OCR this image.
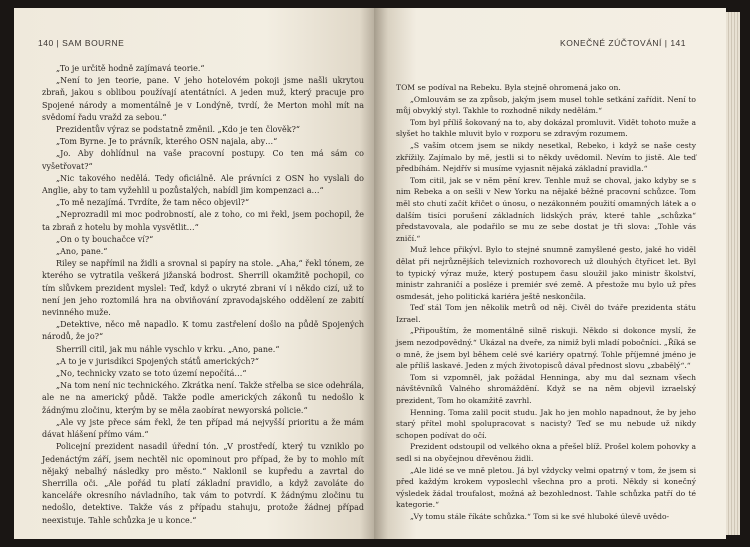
140 | SAM BOURNE

„To je určitě hodně zajímavá teorie.“

„Není to jen teorie, pane. V jeho hotelovém pokoji jsme našli ukrytou zbraň, jakou s oblibou používají atentátníci. A jeden muž, který pracuje pro Spojené národy a momentálně je v Londýně, tvrdí, že Merton mohl mít na svědomí řadu vražd za sebou.“

Prezidentův výraz se podstatně změnil. „Kdo je ten člověk?“

„Tom Byrne. Je to právník, kterého OSN najala, aby…“

„Jo. Aby dohlídnul na vaše pracovní postupy. Co ten má sám co vyšetřovat?“

„Nic takového nedělá. Tedy oficiálně. Ale právníci z OSN ho vyslali do Anglie, aby to tam vyžehlil u pozůstalých, nabídl jim kompenzaci a…“

„To mě nezajímá. Tvrdíte, že tam něco objevil?“

„Neprozradil mi moc podrobností, ale z toho, co mi řekl, jsem pochopil, že ta zbraň z hotelu by mohla vysvětlit…“

„On o ty bouchačce ví?“

„Ano, pane.“

Riley se napřímil na židli a srovnal si papíry na stole. „Aha,“ řekl tónem, ze kterého se vytratila veškerá jižanská bodrost. Sherrill okamžitě pochopil, co tím slůvkem prezident myslel: Teď, když o ukryté zbrani ví i někdo cizí, už to není jen jeho roztomilá hra na obviňování zpravodajského oddělení ze zabití nevinného muže.

„Detektive, něco mě napadlo. K tomu zastřelení došlo na půdě Spojených národů, že jo?“

Sherrill citil, jak mu náhle vyschlo v krku. „Ano, pane.“

„A to je v jurisdikci Spojených států amerických?“

„No, technicky vzato se toto území nepočítá…“

„Na tom není nic technického. Zkrátka není. Takže střelba se sice odehrála, ale ne na americký půdě. Takže podle amerických zákonů tu nedošlo k žádnýmu zločinu, kterým by se měla zaobírat newyorská policie.“

„Ale vy jste přece sám řekl, že ten případ má nejvyšší prioritu a že mám dávat hlášení přímo vám.“

Policejní prezident nasadil úřední tón. „V prostředí, který tu vzniklo po Jedenáctým září, jsem nechtěl nic opominout pro případ, že by to mohlo mít nějaký nebalhý následky pro město.“ Naklonil se kupředu a zavrtal do Sherrilla oči. „Ale pořád tu platí základní pravidlo, a když zavoláte do kanceláře okresního návladního, tak vám to potvrdí. K žádnýmu zločinu tu nedošlo, detektive. Takže vás z případu stahuju, protože žádnej případ neexistuje. Tahle schůzka je u konce.“

KONEČNÉ ZÚČTOVÁNÍ | 141

TOM se podíval na Rebeku. Byla stejně ohromená jako on.

„Omlouvám se za způsob, jakým jsem musel tohle setkání zařídit. Není to můj obvyklý styl. Takhle to rozhodně nikdy nedělám.“

Tom byl příliš šokovaný na to, aby dokázal promluvit. Vidět tohoto muže a slyšet ho takhle mluvit bylo v rozporu se zdravým rozumem.

„S vaším otcem jsem se nikdy nesetkal, Rebeko, i když se naše cesty zkřížily. Zajímalo by mě, jestli si to někdy uvědomil. Nevím to jistě. Ale teď předbíhám. Nejdřív si musíme vyjasnit nějaká základní pravidla.“

Tom citil, jak se v něm pění krev. Tenhle muž se choval, jako kdyby se s nim Rebeka a on sešli v New Yorku na nějaké běžné pracovní schůzce. Tom měl sto chutí začít křičet o únosu, o nezákonném použití omamných látek a o dalším tisíci porušení základních lidských práv, které tahle „schůzka“ představovala, ale podařilo se mu ze sebe dostat je tři slova: „Tohle vás zničí.“

Muž lehce přikývl. Bylo to stejné snumně zamyšlené gesto, jaké ho viděl dělat při nejrůznějších televizních rozhovorech už dlouhých čtyřicet let. Byl to typický výraz muže, který postupem času sloužil jako ministr školství, ministr zahraničí a posléze i premiér své země. A přestože mu bylo už přes osmdesát, jeho politická kariéra ještě neskončila.

Teď stál Tom jen několik metrů od něj. Civěl do tváře prezidenta státu Izrael.

„Připouštím, že momentálně silně riskuji. Někdo si dokonce myslí, že jsem nezodpovědný.“ Ukázal na dveře, za nimiž byli mladí pobočníci. „Říká se o mně, že jsem byl během celé své kariéry opatrný. Tohle příjemné jméno je ale příliš laskavé. Jeden z mých životopisců dával přednost slovu „zbabělý“.“

Tom si vzpomněl, jak požádal Henninga, aby mu dal seznam všech návštěvníků Valného shromáždění. Když se na něm objevil izraelský prezident, Tom ho okamžitě zavrhl.

Henning. Toma zalil pocit studu. Jak ho jen mohlo napadnout, že by jeho starý přítel mohl spolupracovat s nacisty? Teď se mu nebude už nikdy schopen podívat do očí.

Prezident odstoupil od velkého okna a přešel blíž. Prošel kolem pohovky a sedl si na obyčejnou dřevěnou židli.

„Ale lidé se ve mně pletou. Já byl vždycky velmi opatrný v tom, že jsem si před každým krokem vyposlechl všechna pro a proti. Někdy si konečný výsledek žádal troufalost, možná až bezohlednost. Tahle schůzka patří do té kategorie.“

„Vy tomu stále říkáte schůzka.“ Tom si ke své hluboké úlevě uvědo-
